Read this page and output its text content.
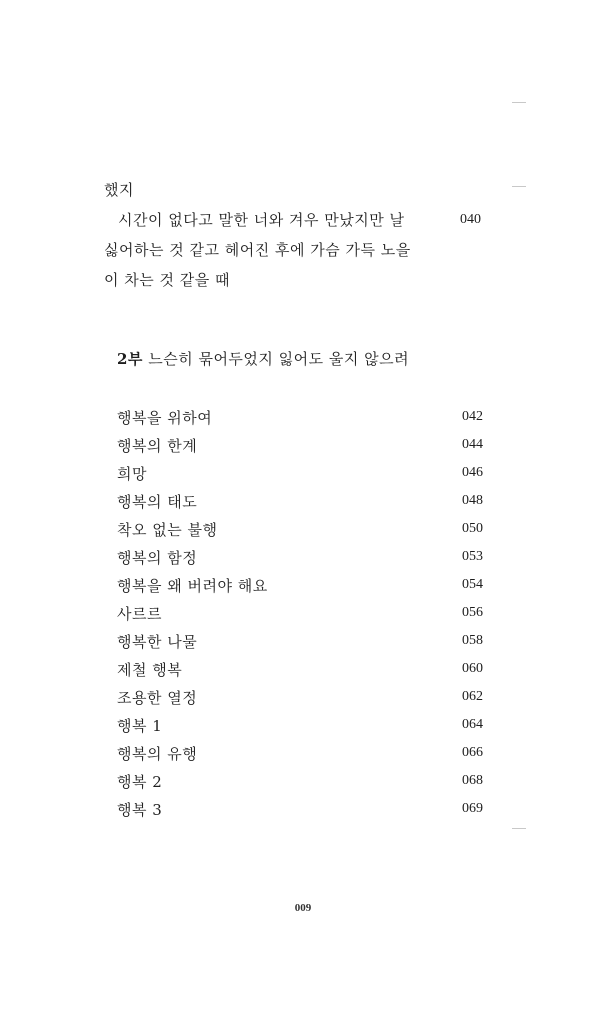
했지
시간이 없다고 말한 너와 겨우 만났지만 날	040
싫어하는 것 같고 헤어진 후에 가슴 가득 노을
이 차는 것 같을 때
2부 느슨히 묶어두었지 잃어도 울지 않으려
행복을 위하여	042
행복의 한계	044
희망	046
행복의 태도	048
착오 없는 불행	050
행복의 함정	053
행복을 왜 버려야 해요	054
사르르	056
행복한 나물	058
제철 행복	060
조용한 열정	062
행복 1	064
행복의 유행	066
행복 2	068
행복 3	069
009
